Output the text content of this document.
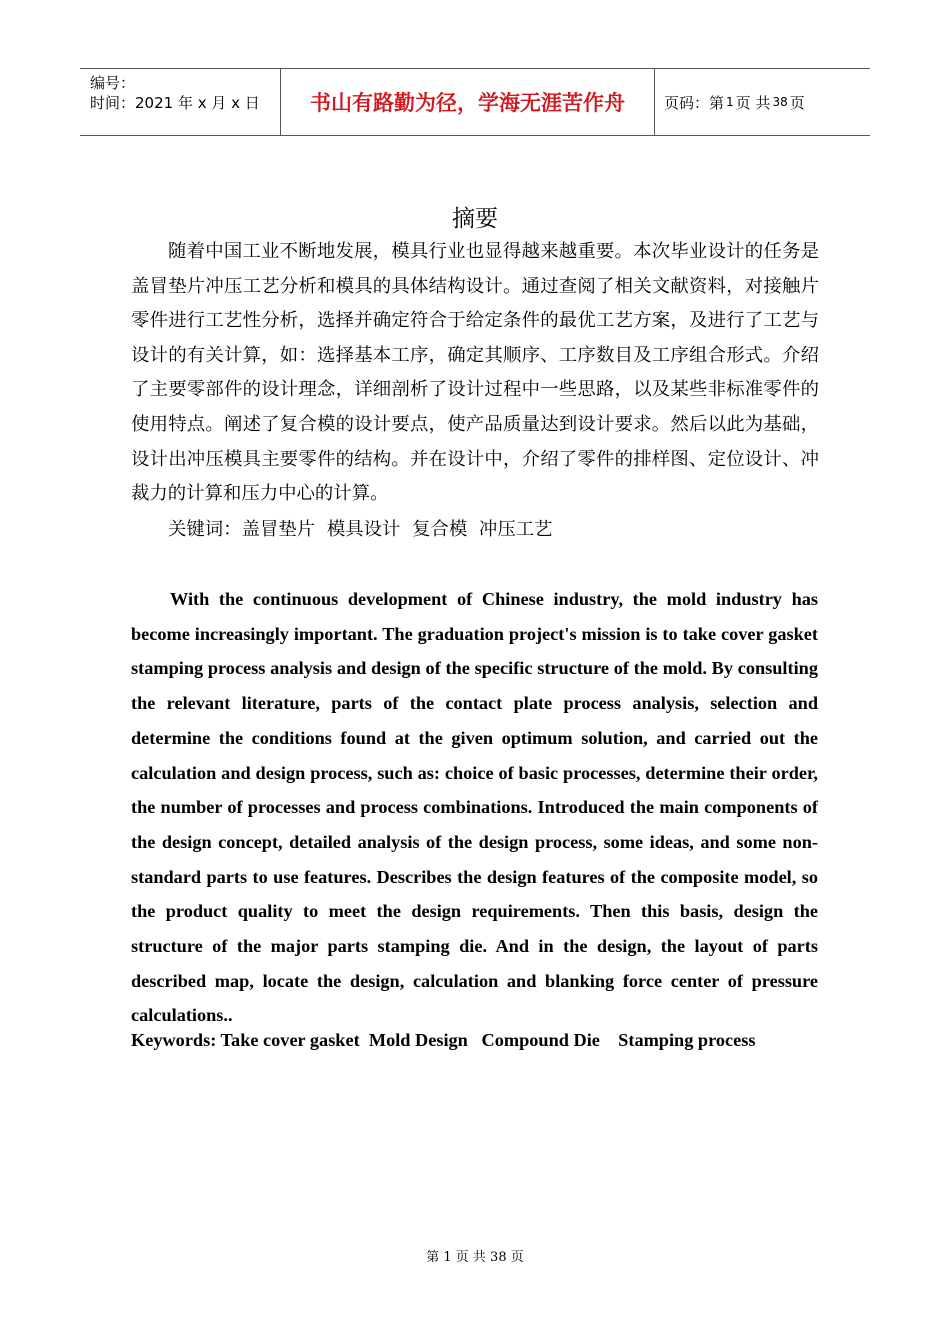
编号：
时间：2021 年 x 月 x 日	书山有路勤为径，学海无涯苦作舟	页码：第 1 页 共 38 页
摘要

随着中国工业不断地发展，模具行业也显得越来越重要。本次毕业设计的任务是盖冒垫片冲压工艺分析和模具的具体结构设计。通过查阅了相关文献资料，对接触片零件进行工艺性分析，选择并确定符合于给定条件的最优工艺方案，及进行了工艺与设计的有关计算，如：选择基本工序，确定其顺序、工序数目及工序组合形式。介绍了主要零部件的设计理念，详细剖析了设计过程中一些思路，以及某些非标准零件的使用特点。阐述了复合模的设计要点，使产品质量达到设计要求。然后以此为基础，设计出冲压模具主要零件的结构。并在设计中，介绍了零件的排样图、定位设计、冲裁力的计算和压力中心的计算。

关键词：盖冒垫片  模具设计  复合模  冲压工艺

With the continuous development of Chinese industry, the mold industry has become increasingly important. The graduation project's mission is to take cover gasket stamping process analysis and design of the specific structure of the mold. By consulting the relevant literature, parts of the contact plate process analysis, selection and determine the conditions found at the given optimum solution, and carried out the calculation and design process, such as: choice of basic processes, determine their order, the number of processes and process combinations. Introduced the main components of the design concept, detailed analysis of the design process, some ideas, and some non-standard parts to use features. Describes the design features of the composite model, so the product quality to meet the design requirements. Then this basis, design the structure of the major parts stamping die. And in the design, the layout of parts described map, locate the design, calculation and blanking force center of pressure calculations..

Keywords: Take cover gasket  Mold Design   Compound Die    Stamping process
第 1 页 共 38 页
